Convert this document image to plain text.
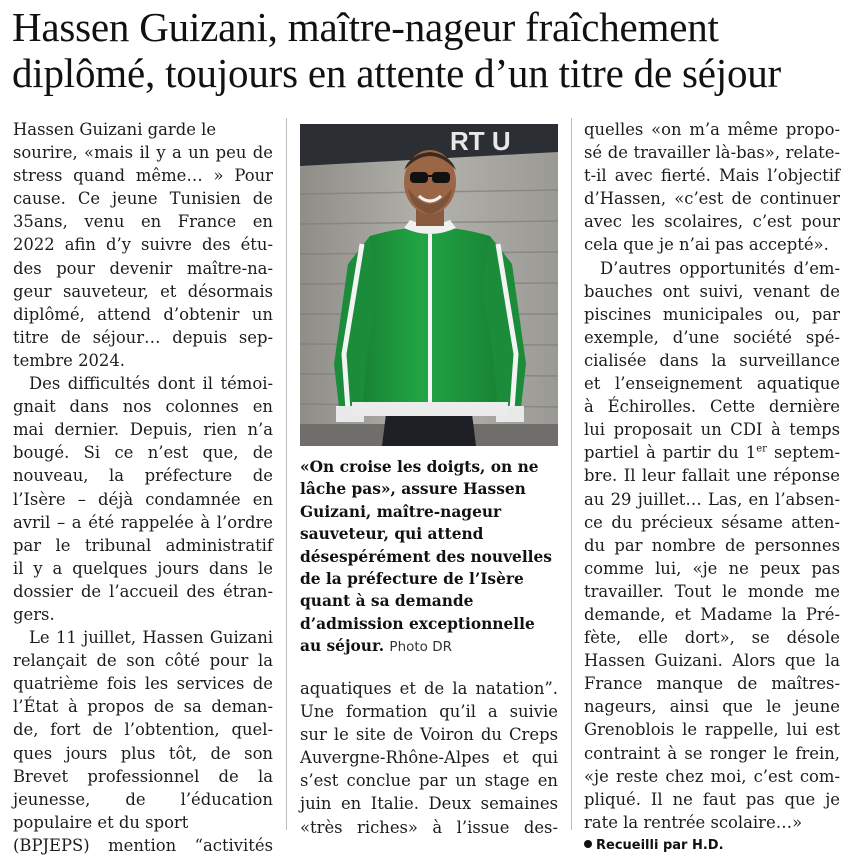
Hassen Guizani, maître-nageur fraîchement
diplômé, toujours en attente d’un titre de séjour
Hassen Guizani garde le
sourire, «mais il y a un peu de
stress quand même… » Pour
cause. Ce jeune Tunisien de
35ans, venu en France en
2022 afin d’y suivre des étu-
des pour devenir maître-na-
geur sauveteur, et désormais
diplômé, attend d’obtenir un
titre de séjour… depuis sep-
tembre 2024.
Des difficultés dont il témoi-
gnait dans nos colonnes en
mai dernier. Depuis, rien n’a
bougé. Si ce n’est que, de
nouveau, la préfecture de
l’Isère – déjà condamnée en
avril – a été rappelée à l’ordre
par le tribunal administratif
il y a quelques jours dans le
dossier de l’accueil des étran-
gers.
Le 11 juillet, Hassen Guizani
relançait de son côté pour la
quatrième fois les services de
l’État à propos de sa deman-
de, fort de l’obtention, quel-
ques jours plus tôt, de son
Brevet professionnel de la
jeunesse, de l’éducation
populaire et du sport
(BPJEPS) mention “activités
RT U
«On croise les doigts, on ne
lâche pas», assure Hassen
Guizani, maître-nageur
sauveteur, qui attend
désespérément des nouvelles
de la préfecture de l’Isère
quant à sa demande
d’admission exceptionnelle
au séjour. Photo DR
aquatiques et de la natation”.
Une formation qu’il a suivie
sur le site de Voiron du Creps
Auvergne-Rhône-Alpes et qui
s’est conclue par un stage en
juin en Italie. Deux semaines
«très riches» à l’issue des-
quelles «on m’a même propo-
sé de travailler là-bas», relate-
t-il avec fierté. Mais l’objectif
d’Hassen, «c’est de continuer
avec les scolaires, c’est pour
cela que je n’ai pas accepté».
D’autres opportunités d’em-
bauches ont suivi, venant de
piscines municipales ou, par
exemple, d’une société spé-
cialisée dans la surveillance
et l’enseignement aquatique
à Échirolles. Cette dernière
lui proposait un CDI à temps
partiel à partir du 1er septem-
bre. Il leur fallait une réponse
au 29 juillet… Las, en l’absen-
ce du précieux sésame atten-
du par nombre de personnes
comme lui, «je ne peux pas
travailler. Tout le monde me
demande, et Madame la Pré-
fète, elle dort», se désole
Hassen Guizani. Alors que la
France manque de maîtres-
nageurs, ainsi que le jeune
Grenoblois le rappelle, lui est
contraint à se ronger le frein,
«je reste chez moi, c’est com-
pliqué. Il ne faut pas que je
rate la rentrée scolaire…»
Recueilli par H.D.
